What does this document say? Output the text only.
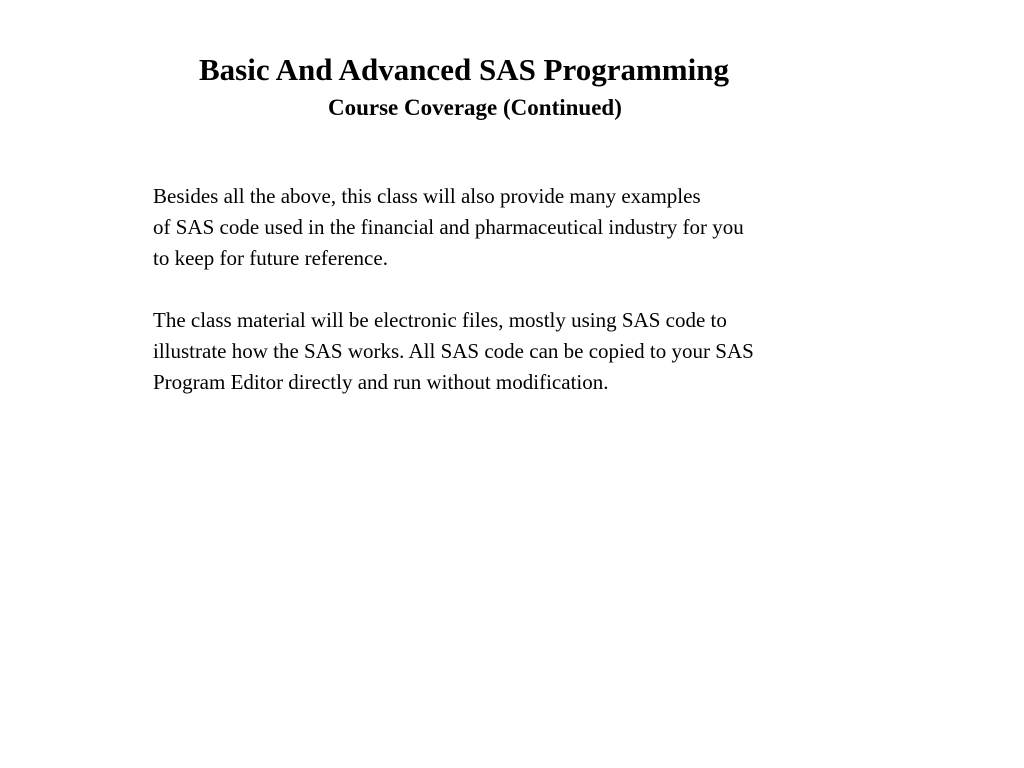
Basic And Advanced SAS Programming
Course Coverage (Continued)

Besides all the above, this class will also provide many examples
of SAS code used in the financial and pharmaceutical industry for you
to keep for future reference.

The class material will be electronic files, mostly using SAS code to
illustrate how the SAS works. All SAS code can be copied to your SAS
Program Editor directly and run without modification.
